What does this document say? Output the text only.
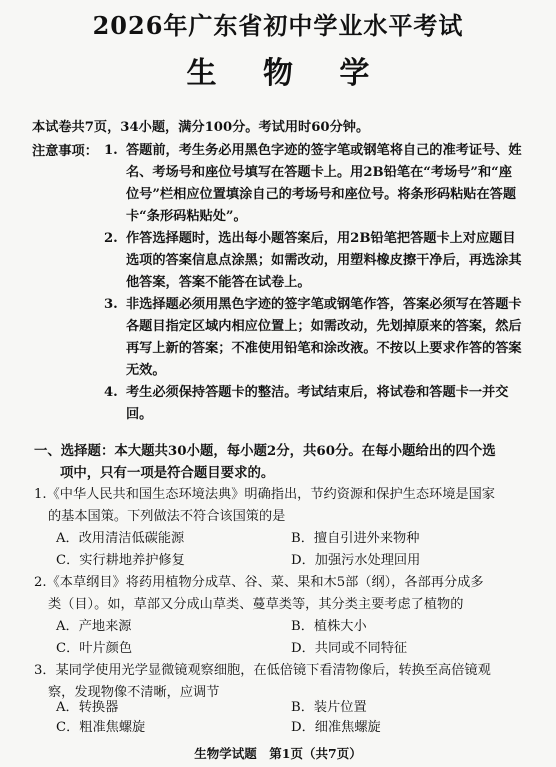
2026年广东省初中学业水平考试
生 物 学
本试卷共7页，34小题，满分100分。考试用时60分钟。
注意事项： 1. 答题前，考生务必用黑色字迹的签字笔或钢笔将自己的准考证号、姓名、考场号和座位号填写在答题卡上。用2B铅笔在“考场号”和“座位号”栏相应位置填涂自己的考场号和座位号。将条形码粘贴在答题卡“条形码粘贴处”。
2. 作答选择题时，选出每小题答案后，用2B铅笔把答题卡上对应题目选项的答案信息点涂黑；如需改动，用塑料橡皮擦干净后，再选涂其他答案，答案不能答在试卷上。
3. 非选择题必须用黑色字迹的签字笔或钢笔作答，答案必须写在答题卡各题目指定区域内相应位置上；如需改动，先划掉原来的答案，然后再写上新的答案；不准使用铅笔和涂改液。不按以上要求作答的答案无效。
4. 考生必须保持答题卡的整洁。考试结束后，将试卷和答题卡一并交回。
一、选择题：本大题共30小题，每小题2分，共60分。在每小题给出的四个选
项中，只有一项是符合题目要求的。
1.《中华人民共和国生态环境法典》明确指出，节约资源和保护生态环境是国家
的基本国策。下列做法不符合该国策的是
A．改用清洁低碳能源	B．擅自引进外来物种
C．实行耕地养护修复	D．加强污水处理回用
2.《本草纲目》将药用植物分成草、谷、菜、果和木5部（纲），各部再分成多
类（目）。如，草部又分成山草类、蔓草类等，其分类主要考虑了植物的
A．产地来源	B．植株大小
C．叶片颜色	D．共同或不同特征
3．某同学使用光学显微镜观察细胞，在低倍镜下看清物像后，转换至高倍镜观
察，发现物像不清晰，应调节
A．转换器	B．装片位置
C．粗准焦螺旋	D．细准焦螺旋
生物学试题　第1页（共7页）
